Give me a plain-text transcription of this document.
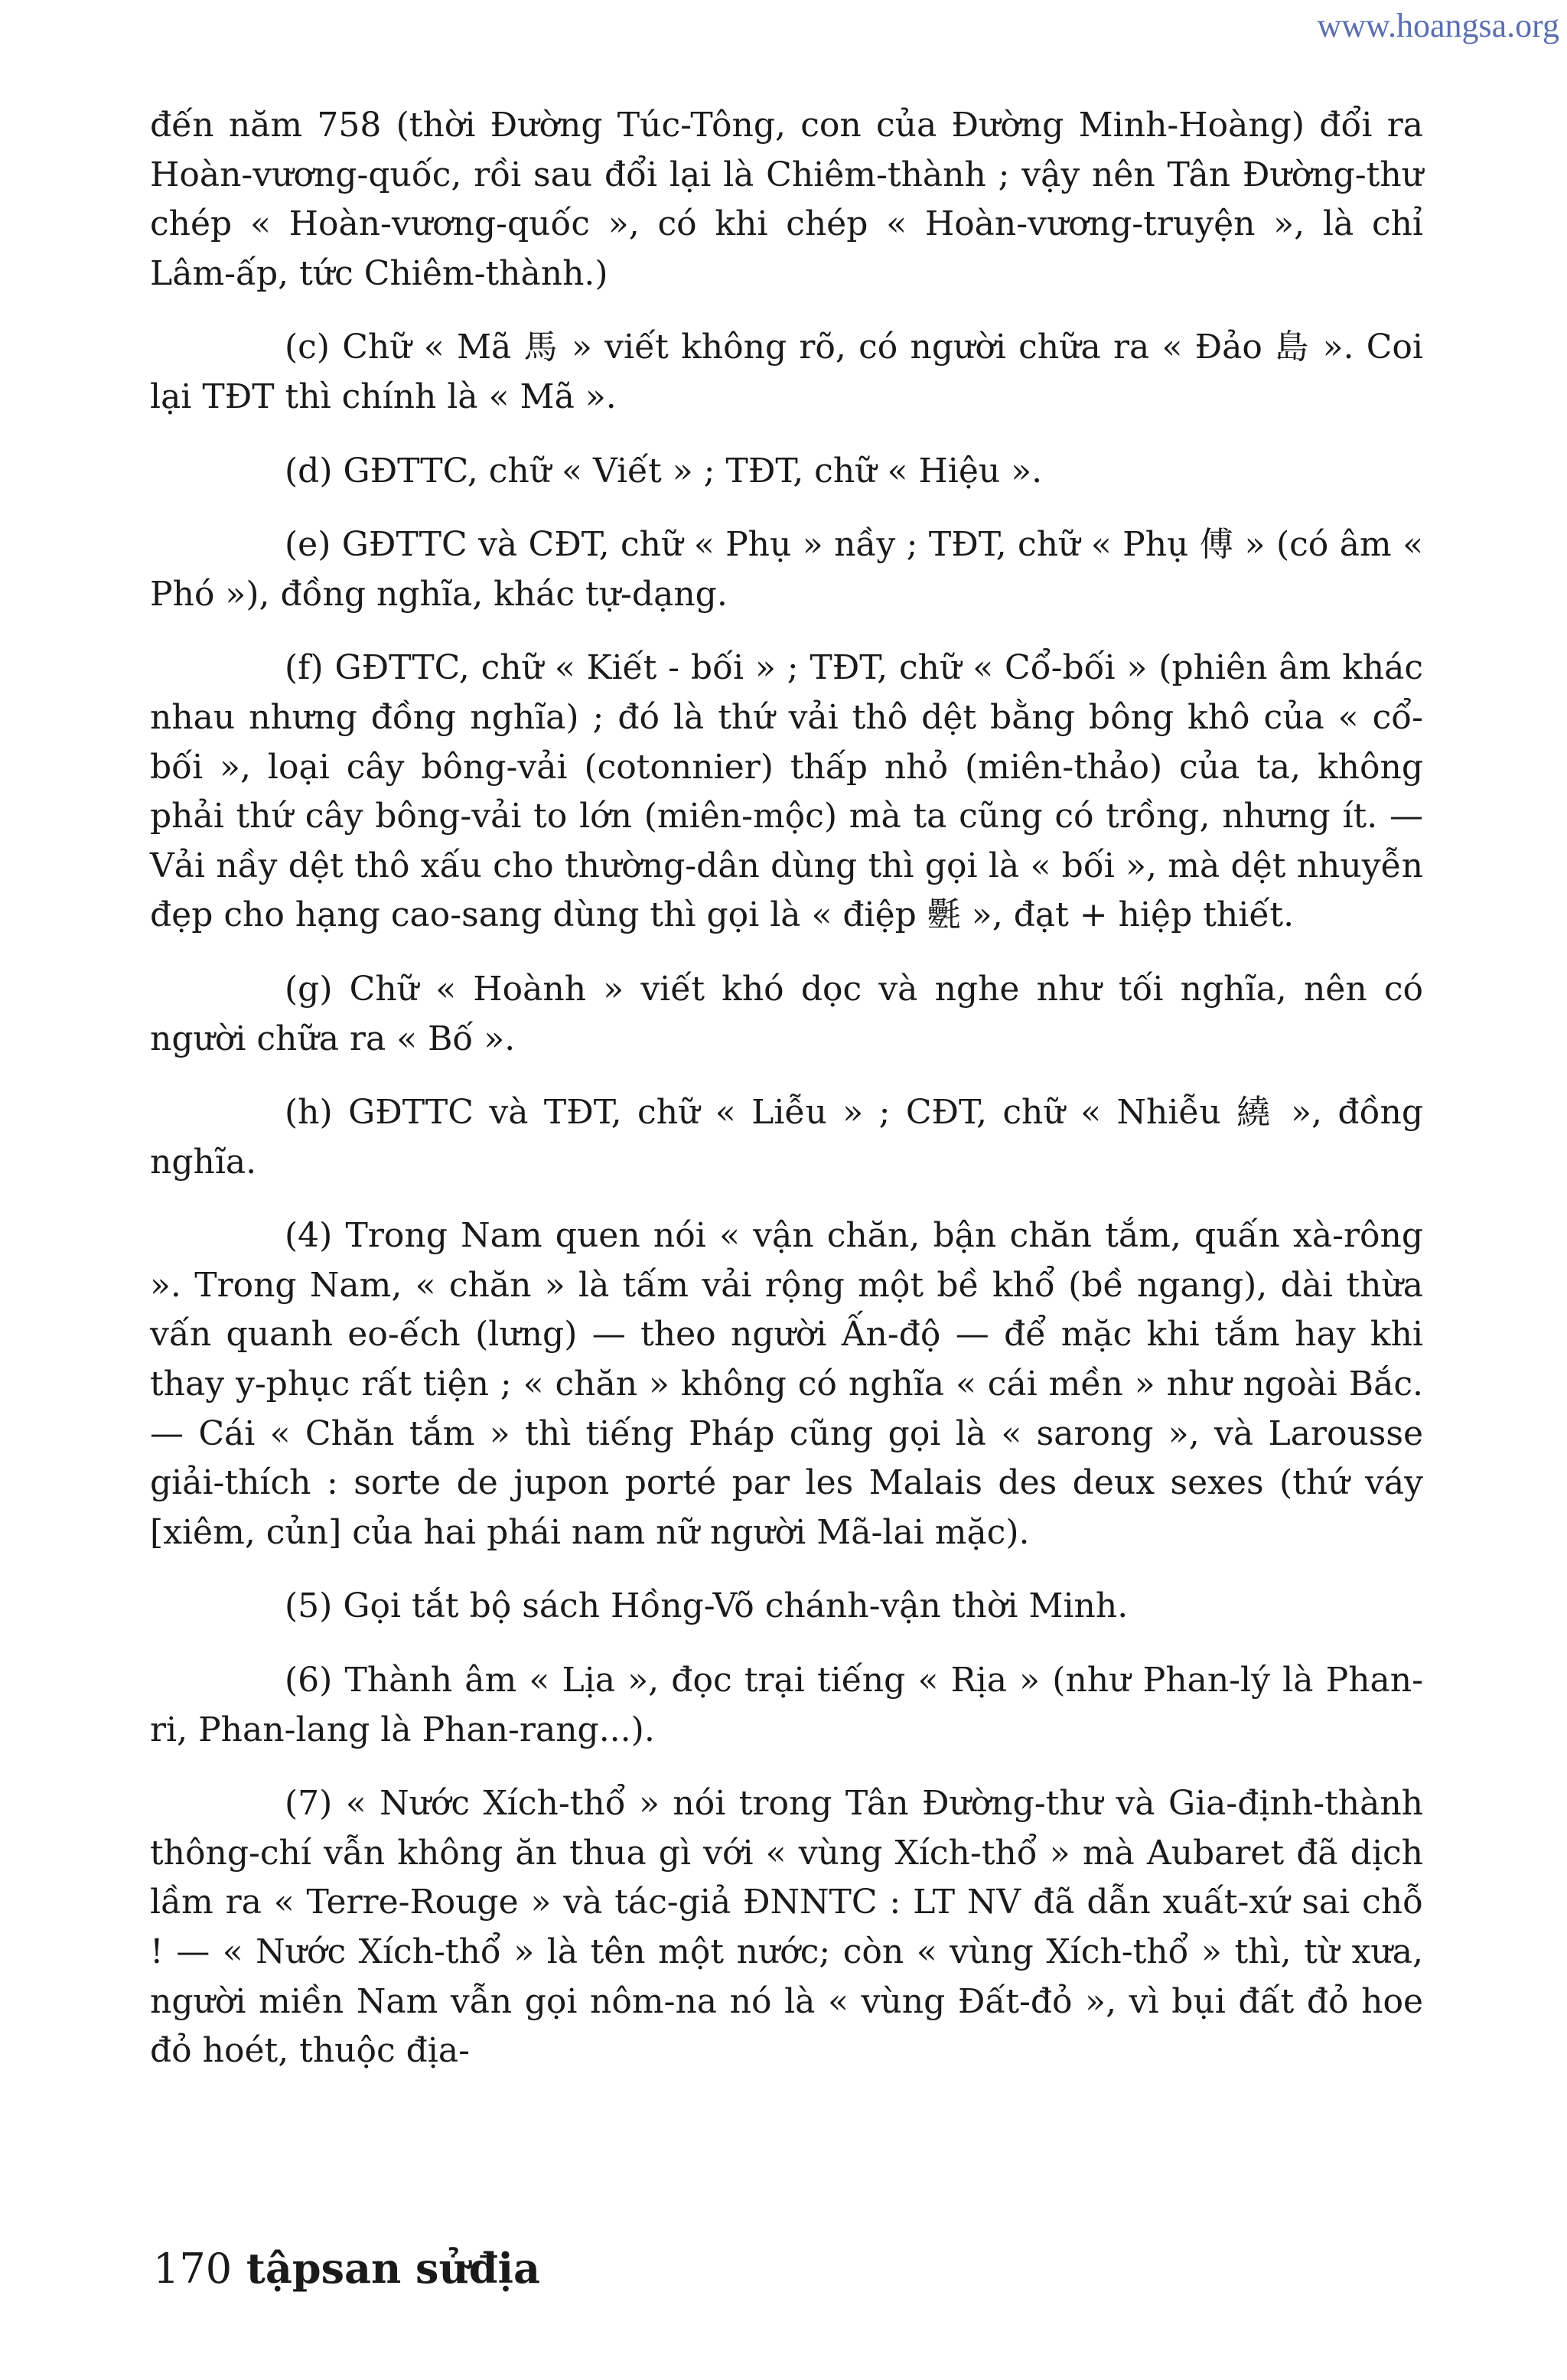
www.hoangsa.org

đến năm 758 (thời Đường Túc-Tông, con của Đường Minh-Hoàng) đổi ra Hoàn-vương-quốc, rồi sau đổi lại là Chiêm-thành ; vậy nên Tân Đường-thư chép « Hoàn-vương-quốc », có khi chép « Hoàn-vương-truyện », là chỉ Lâm-ấp, tức Chiêm-thành.)

(c) Chữ « Mã 馬 » viết không rõ, có người chữa ra « Đảo 島 ». Coi lại TĐT thì chính là « Mã ».

(d) GĐTTC, chữ « Viết » ; TĐT, chữ « Hiệu ».

(e) GĐTTC và CĐT, chữ « Phụ » nầy ; TĐT, chữ « Phụ 傅 » (có âm « Phó »), đồng nghĩa, khác tự-dạng.

(f) GĐTTC, chữ « Kiết - bối » ; TĐT, chữ « Cổ-bối » (phiên âm khác nhau nhưng đồng nghĩa) ; đó là thứ vải thô dệt bằng bông khô của « cổ-bối », loại cây bông-vải (cotonnier) thấp nhỏ (miên-thảo) của ta, không phải thứ cây bông-vải to lớn (miên-mộc) mà ta cũng có trồng, nhưng ít. — Vải nầy dệt thô xấu cho thường-dân dùng thì gọi là « bối », mà dệt nhuyễn đẹp cho hạng cao-sang dùng thì gọi là « điệp 氎 », đạt + hiệp thiết.

(g) Chữ « Hoành » viết khó dọc và nghe như tối nghĩa, nên có người chữa ra « Bố ».

(h) GĐTTC và TĐT, chữ « Liễu » ; CĐT, chữ « Nhiễu 繞 », đồng nghĩa.

(4) Trong Nam quen nói « vận chăn, bận chăn tắm, quấn xà-rông ». Trong Nam, « chăn » là tấm vải rộng một bề khổ (bề ngang), dài thừa vấn quanh eo-ếch (lưng) — theo người Ấn-độ — để mặc khi tắm hay khi thay y-phục rất tiện ; « chăn » không có nghĩa « cái mền » như ngoài Bắc.— Cái « Chăn tắm » thì tiếng Pháp cũng gọi là « sarong », và Larousse giải-thích : sorte de jupon porté par les Malais des deux sexes (thứ váy [xiêm, củn] của hai phái nam nữ người Mã-lai mặc).

(5) Gọi tắt bộ sách Hồng-Võ chánh-vận thời Minh.

(6) Thành âm « Lịa », đọc trại tiếng « Rịa » (như Phan-lý là Phan-ri, Phan-lang là Phan-rang...).

(7) « Nước Xích-thổ » nói trong Tân Đường-thư và Gia-định-thành thông-chí vẫn không ăn thua gì với « vùng Xích-thổ » mà Aubaret đã dịch lầm ra « Terre-Rouge » và tác-giả ĐNNTC : LT NV đã dẫn xuất-xứ sai chỗ ! — « Nước Xích-thổ » là tên một nước; còn « vùng Xích-thổ » thì, từ xưa, người miền Nam vẫn gọi nôm-na nó là « vùng Đất-đỏ », vì bụi đất đỏ hoe đỏ hoét, thuộc địa-

170 tậpsan sửđịa
